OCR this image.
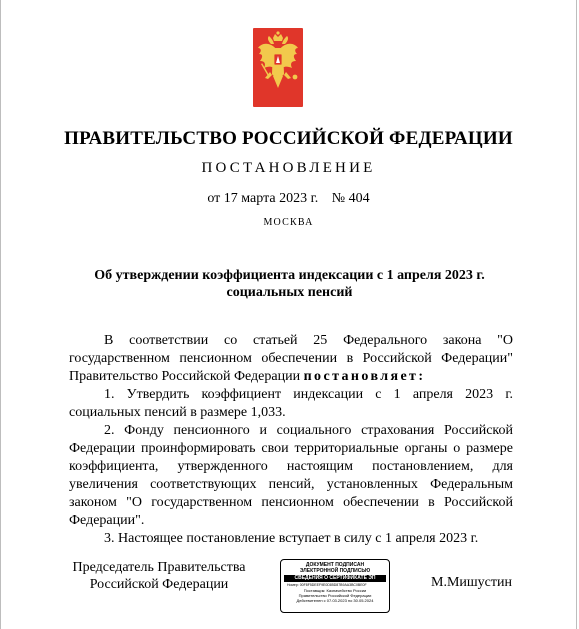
ПРАВИТЕЛЬСТВО РОССИЙСКОЙ ФЕДЕРАЦИИ
ПОСТАНОВЛЕНИЕ
от 17 марта 2023 г. № 404
МОСКВА
Об утверждении коэффициента индексации с 1 апреля 2023 г.
социальных пенсий

В соответствии со статьей 25 Федерального закона "О государственном пенсионном обеспечении в Российской Федерации" Правительство Российской Федерации постановляет:

1. Утвердить коэффициент индексации с 1 апреля 2023 г. социальных пенсий в размере 1,033.

2. Фонду пенсионного и социального страхования Российской Федерации проинформировать свои территориальные органы о размере коэффициента, утвержденного настоящим постановлением, для увеличения соответствующих пенсий, установленных Федеральным законом "О государственном пенсионном обеспечении в Российской Федерации".

3. Настоящее постановление вступает в силу с 1 апреля 2023 г.

Председатель Правительства
Российской Федерации
ДОКУМЕНТ ПОДПИСАН
ЭЛЕКТРОННОЙ ПОДПИСЬЮ
СВЕДЕНИЯ О СЕРТИФИКАТЕ ЭП
Номер: 00F8F5DEEF9E0D85D87B9AA3BC0BE0F
Поставщик: Казначейство России
Правительство Российской Федерации
Действителен с 07.03.2023 по 30.05.2024
М.Мишустин
